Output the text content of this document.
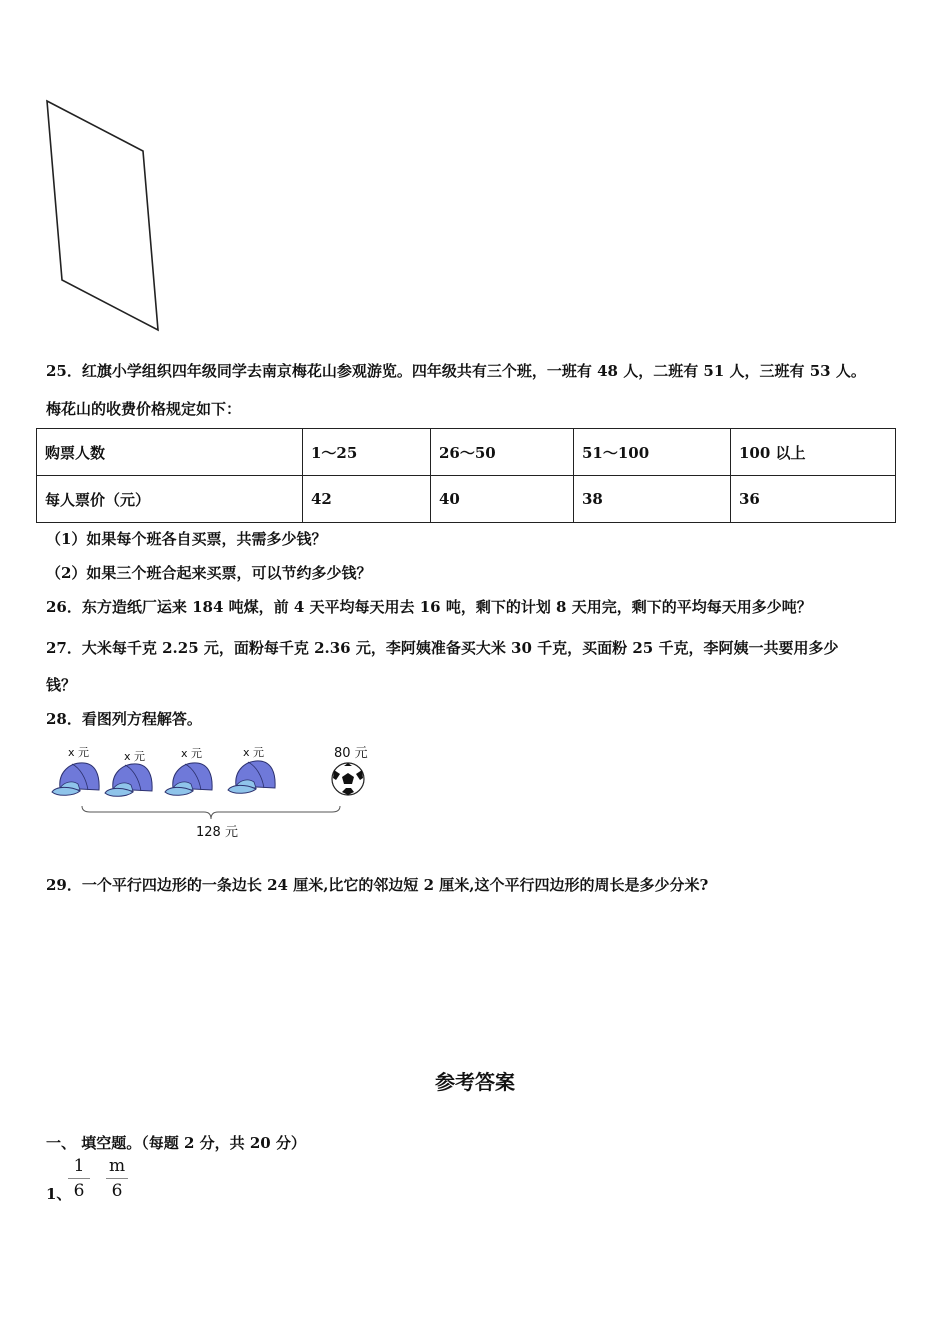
25．红旗小学组织四年级同学去南京梅花山参观游览。四年级共有三个班，一班有 48 人，二班有 51 人，三班有 53 人。
梅花山的收费价格规定如下：
购票人数	1～25	26～50	51～100	100 以上
每人票价（元）	42	40	38	36
（1）如果每个班各自买票，共需多少钱？
（2）如果三个班合起来买票，可以节约多少钱？
26．东方造纸厂运来 184 吨煤，前 4 天平均每天用去 16 吨，剩下的计划 8 天用完，剩下的平均每天用多少吨？
27．大米每千克 2.25 元，面粉每千克 2.36 元，李阿姨准备买大米 30 千克，买面粉 25 千克，李阿姨一共要用多少
钱？
28．看图列方程解答。
x 元	x 元	x 元	x 元	80 元
128 元
29．一个平行四边形的一条边长 24 厘米,比它的邻边短 2 厘米,这个平行四边形的周长是多少分米?
参考答案
一、 填空题。（每题 2 分，共 20 分）
1、
1
6
m
6
